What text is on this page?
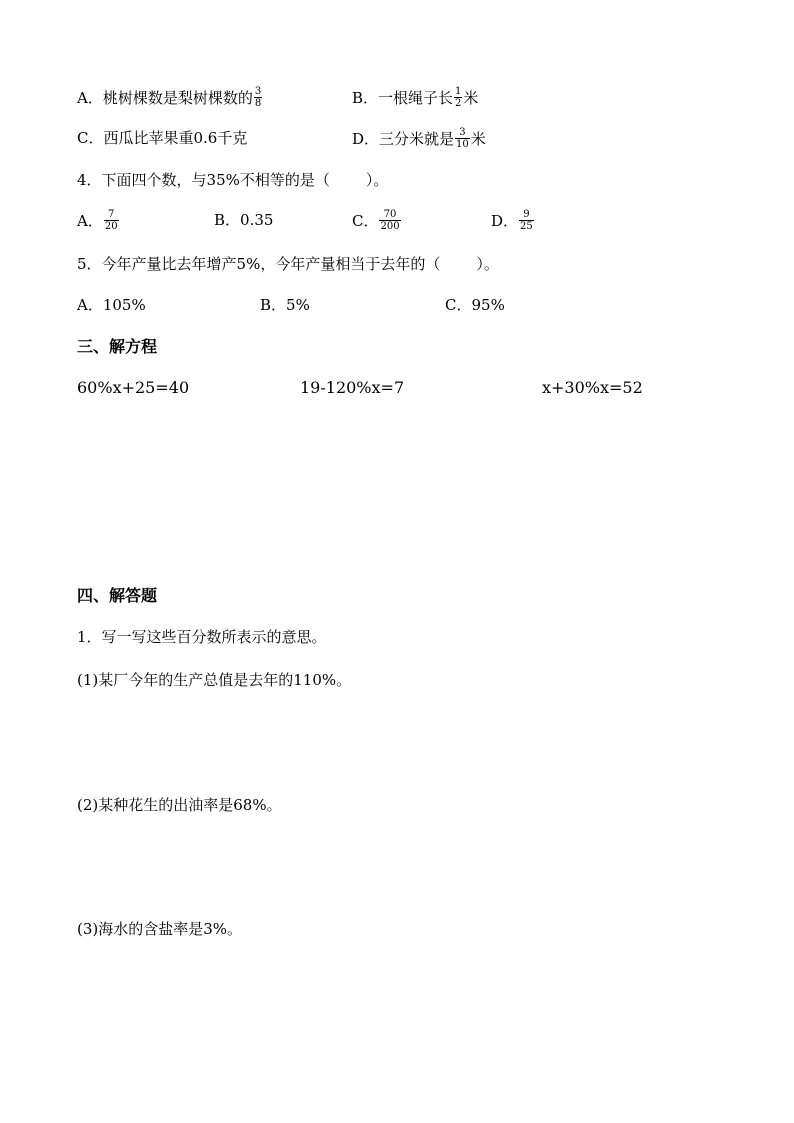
A． 桃树棵数是梨树棵数的 $\frac{3}{8}$	B． 一根绳子长 $\frac{1}{2}$ 米
C． 西瓜比苹果重0.6千克	D． 三分米就是 $\frac{3}{10}$ 米
4．下面四个数，与35%不相等的是（ ）。
A． $\frac{7}{20}$	B． 0.35	C． $\frac{70}{200}$	D． $\frac{9}{25}$
5．今年产量比去年增产5%，今年产量相当于去年的（ ）。
A． 105%	B． 5%	C． 95%
三、解方程
60%x+25=40	19-120%x=7	x+30%x=52
四、解答题
1．写一写这些百分数所表示的意思。
(1)某厂今年的生产总值是去年的110%。
(2)某种花生的出油率是68%。
(3)海水的含盐率是3%。
